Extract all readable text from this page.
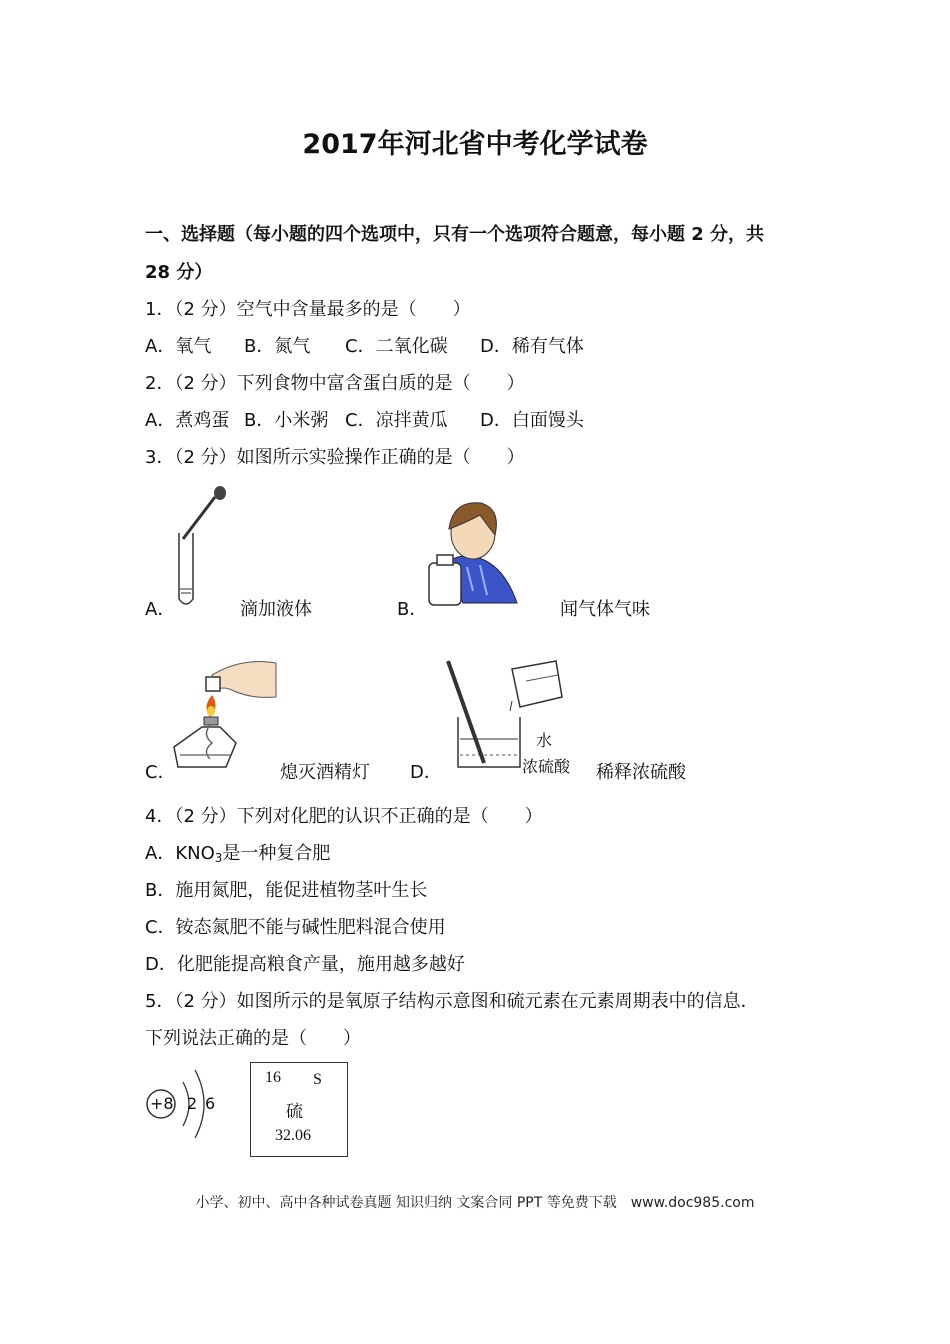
2017年河北省中考化学试卷
一、选择题（每小题的四个选项中，只有一个选项符合题意，每小题 2 分，共
28 分）
1．（2 分）空气中含量最多的是（　　）
A．氧气 B．氮气 C．二氧化碳 D．稀有气体
2．（2 分）下列食物中富含蛋白质的是（　　）
A．煮鸡蛋 B．小米粥 C．凉拌黄瓜 D．白面馒头
3．（2 分）如图所示实验操作正确的是（　　）
A．	滴加液体	B．	闻气体气味
C．	熄灭酒精灯
水
浓硫酸
D．	稀释浓硫酸
4．（2 分）下列对化肥的认识不正确的是（　　）
A．$KNO_3$是一种复合肥
B．施用氮肥，能促进植物茎叶生长
C．铵态氮肥不能与碱性肥料混合使用
D．化肥能提高粮食产量，施用越多越好
5．（2 分）如图所示的是氧原子结构示意图和硫元素在元素周期表中的信息．
下列说法正确的是（　　）
+8 2 6
16 S
硫
32.06
小学、初中、高中各种试卷真题 知识归纳 文案合同 PPT 等免费下载　www.doc985.com
